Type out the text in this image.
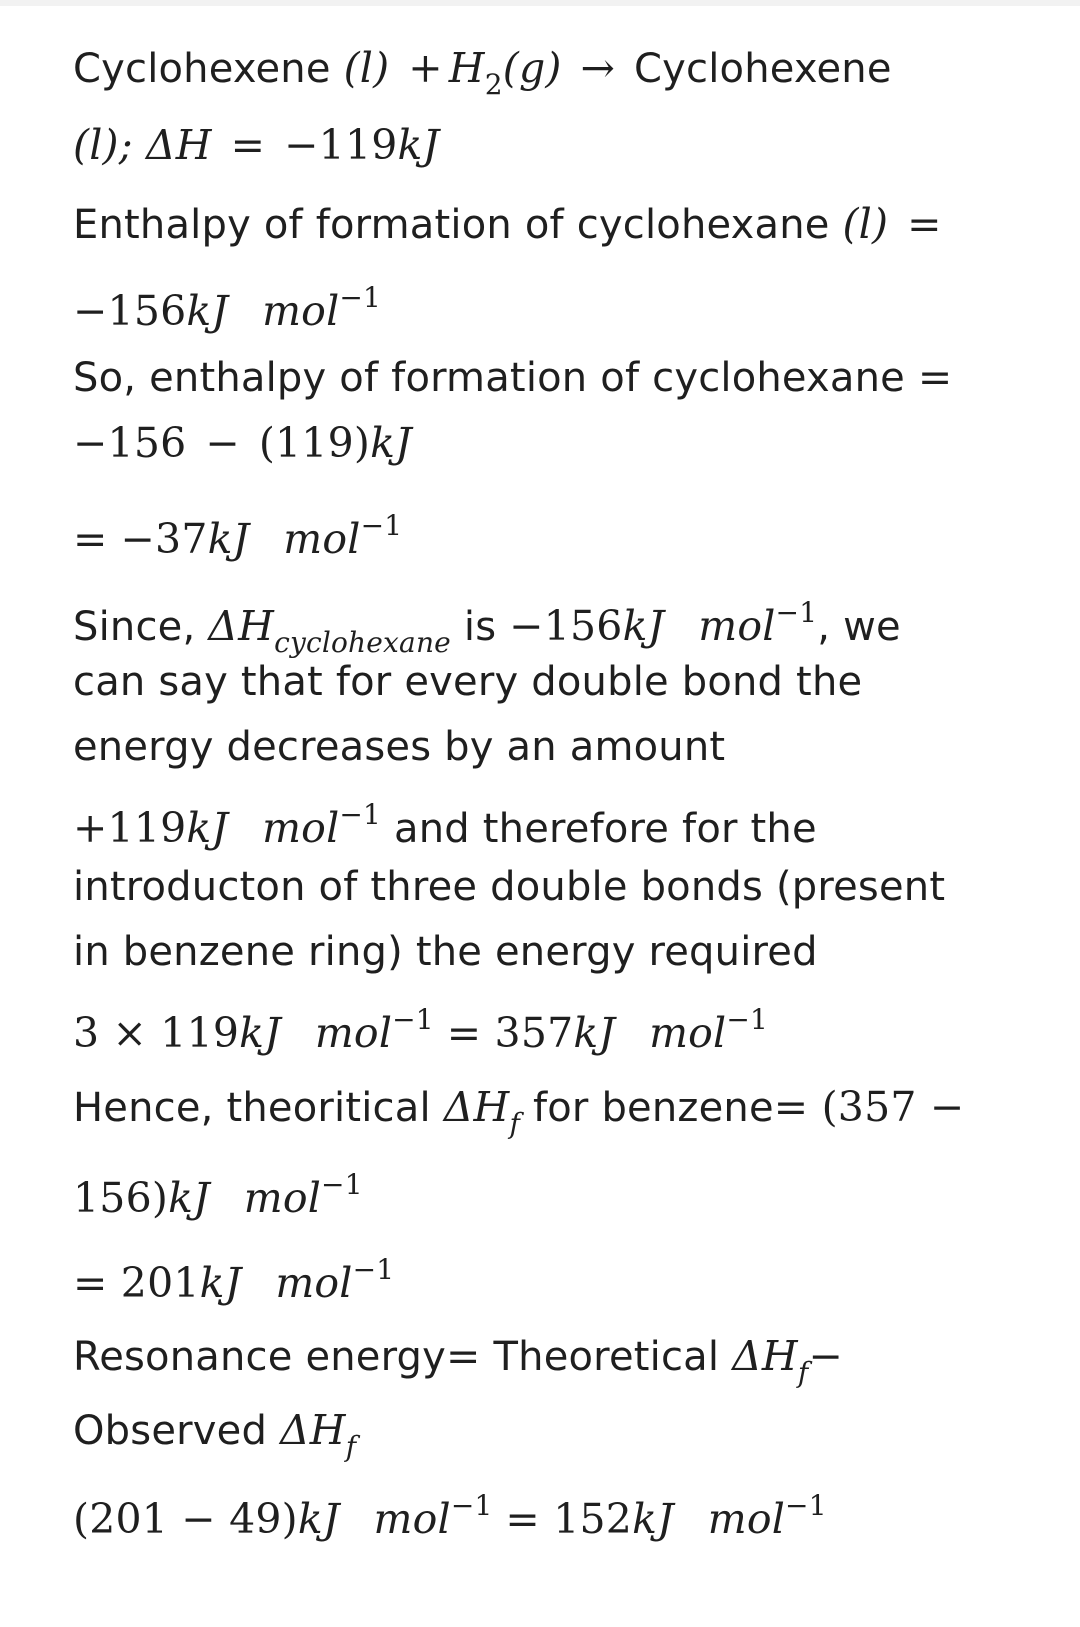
Cyclohexene $(l) + H_2(g)$ → Cyclohexene
(l); ΔH = −119kJ
Enthalpy of formation of cyclohexane (l) =
−156kJ mol$^{-1}$
So, enthalpy of formation of cyclohexane =
−156 − (119)kJ
= −37kJ mol$^{-1}$
Since, $\Delta H_{cyclohexane}$ is −156kJ mol$^{-1}$, we
can say that for every double bond the
energy decreases by an amount
+119kJ mol$^{-1}$ and therefore for the
introducton of three double bonds (present
in benzene ring) the energy required
3 × 119kJ mol$^{-1}$ = 357kJ mol$^{-1}$
Hence, theoritical $\Delta H_f$ for benzene= (357 −
156)kJ mol$^{-1}$
= 201kJ mol$^{-1}$
Resonance energy= Theoretical $\Delta H_f-$
Observed $\Delta H_f$
(201 − 49)kJ mol$^{-1}$ = 152kJ mol$^{-1}$
